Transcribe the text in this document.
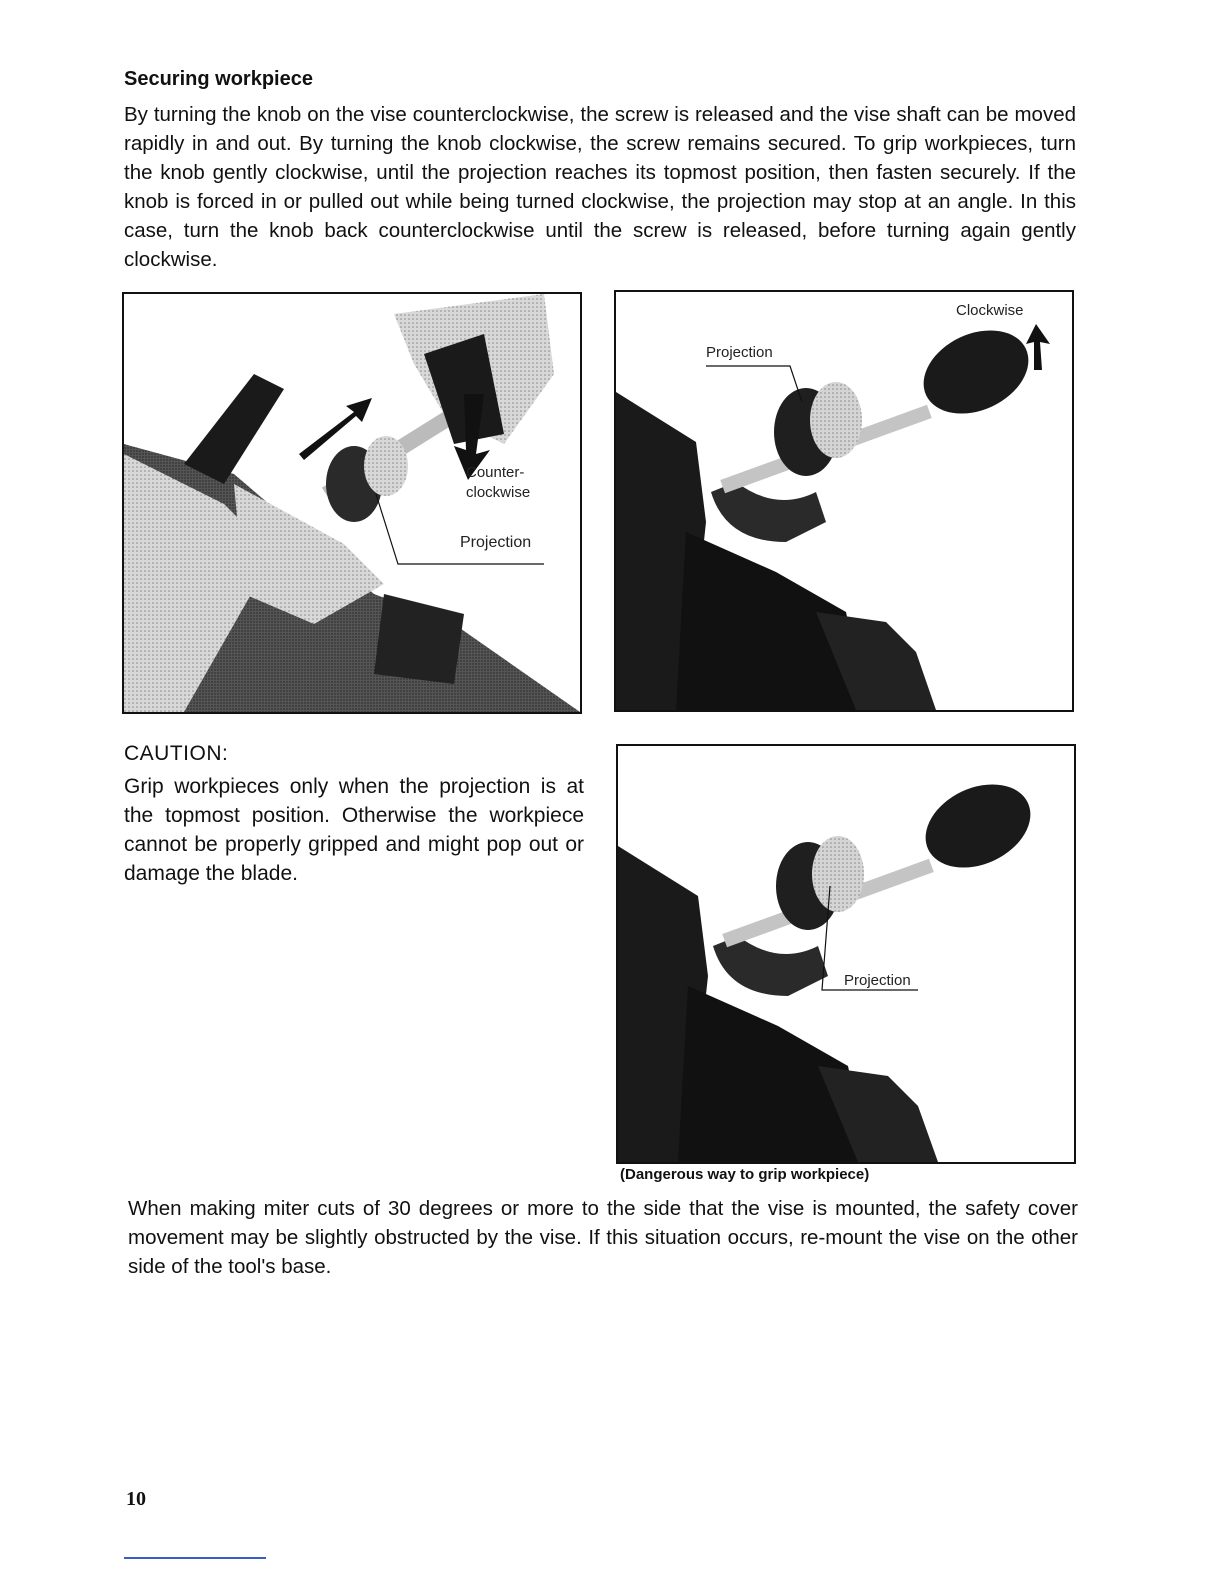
Securing workpiece
By turning the knob on the vise counterclockwise, the screw is released and the vise shaft can be moved rapidly in and out. By turning the knob clockwise, the screw remains secured. To grip workpieces, turn the knob gently clockwise, until the projection reaches its topmost position, then fasten securely. If the knob is forced in or pulled out while being turned clockwise, the projection may stop at an angle. In this case, turn the knob back counterclockwise until the screw is released, before turning again gently clockwise.
Counter-
clockwise
Projection
Clockwise
Projection
CAUTION:
Grip workpieces only when the projection is at the topmost position. Otherwise the workpiece cannot be properly gripped and might pop out or damage the blade.
Projection
(Dangerous way to grip workpiece)
When making miter cuts of 30 degrees or more to the side that the vise is mounted, the safety cover movement may be slightly obstructed by the vise. If this situation occurs, re-mount the vise on the other side of the tool's base.
10
